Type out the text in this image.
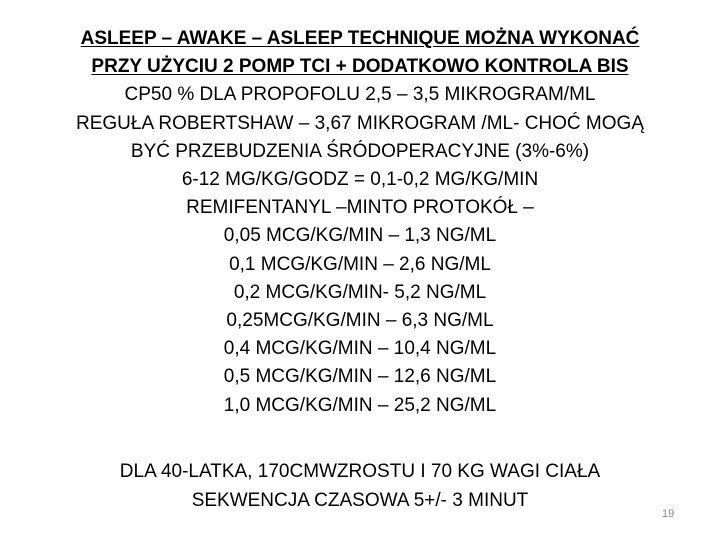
ASLEEP – AWAKE – ASLEEP TECHNIQUE MOŻNA WYKONAĆ
PRZY UŻYCIU 2 POMP TCI + DODATKOWO KONTROLA BIS
CP50 % DLA PROPOFOLU 2,5 – 3,5 MIKROGRAM/ML
REGUŁA ROBERTSHAW – 3,67 MIKROGRAM /ML- CHOĆ MOGĄ
BYĆ PRZEBUDZENIA ŚRÓDOPERACYJNE (3%-6%)
6-12 MG/KG/GODZ = 0,1-0,2 MG/KG/MIN
REMIFENTANYL –MINTO PROTOKÓŁ –
0,05 MCG/KG/MIN – 1,3 NG/ML
0,1 MCG/KG/MIN – 2,6 NG/ML
0,2 MCG/KG/MIN- 5,2 NG/ML
0,25MCG/KG/MIN – 6,3 NG/ML
0,4 MCG/KG/MIN – 10,4 NG/ML
0,5 MCG/KG/MIN – 12,6 NG/ML
1,0 MCG/KG/MIN – 25,2 NG/ML
DLA 40-LATKA, 170CMWZROSTU I 70 KG WAGI CIAŁA
SEKWENCJA CZASOWA 5+/- 3 MINUT
19
